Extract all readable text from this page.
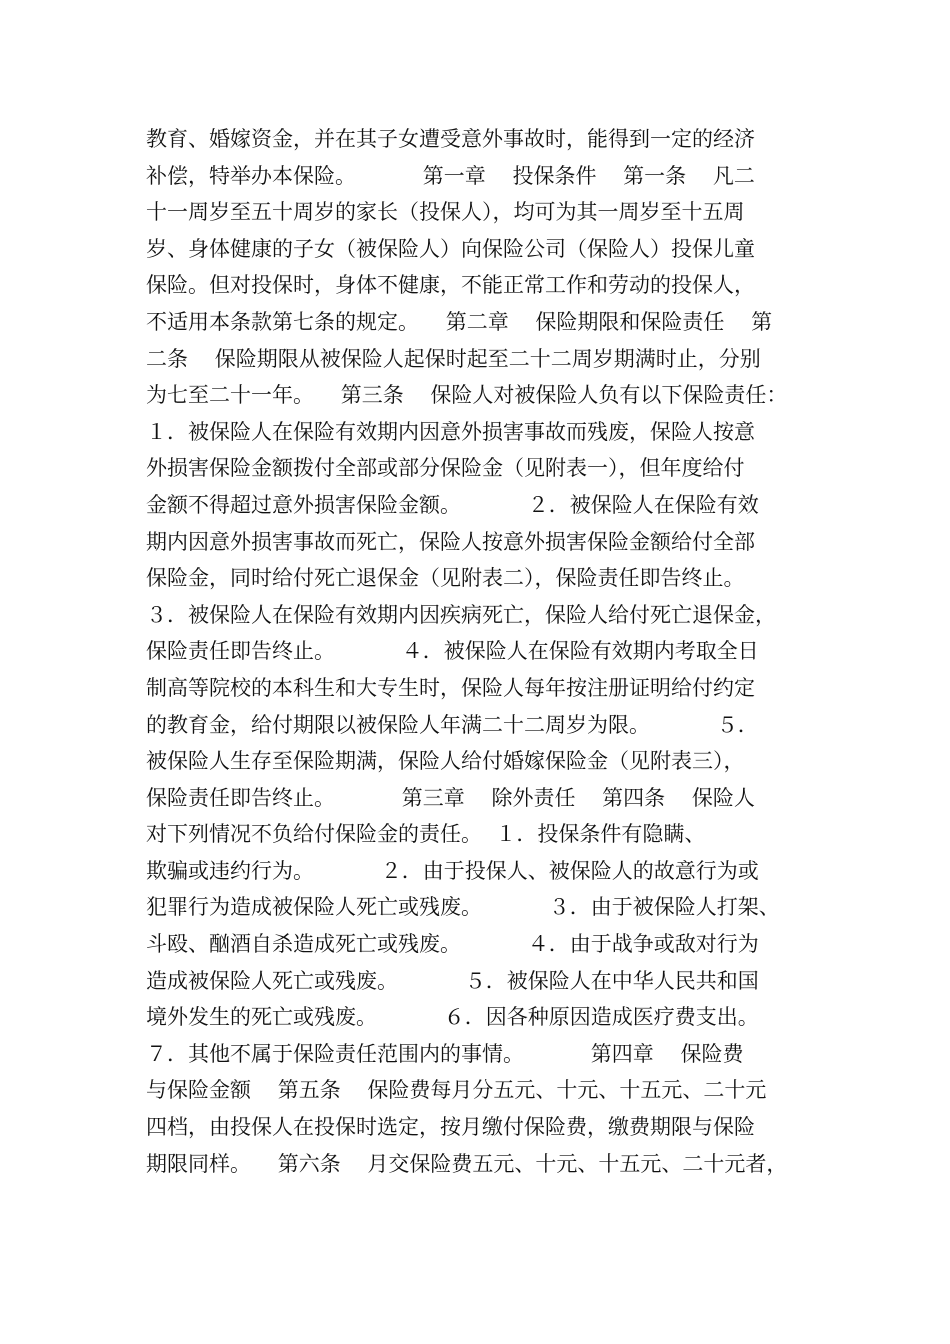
教育、婚嫁资金，并在其子女遭受意外事故时，能得到一定的经济
补偿，特举办本保险。          第一章    投保条件    第一条    凡二
十一周岁至五十周岁的家长（投保人），均可为其一周岁至十五周
岁、身体健康的子女（被保险人）向保险公司（保险人）投保儿童
保险。但对投保时，身体不健康，不能正常工作和劳动的投保人，
不适用本条款第七条的规定。    第二章    保险期限和保险责任    第
二条    保险期限从被保险人起保时起至二十二周岁期满时止，分别
为七至二十一年。    第三条    保险人对被保险人负有以下保险责任：
１．被保险人在保险有效期内因意外损害事故而残废，保险人按意
外损害保险金额拨付全部或部分保险金（见附表一），但年度给付
金额不得超过意外损害保险金额。          ２．被保险人在保险有效
期内因意外损害事故而死亡，保险人按意外损害保险金额给付全部
保险金，同时给付死亡退保金（见附表二），保险责任即告终止。
３．被保险人在保险有效期内因疾病死亡，保险人给付死亡退保金，
保险责任即告终止。          ４．被保险人在保险有效期内考取全日
制高等院校的本科生和大专生时，保险人每年按注册证明给付约定
的教育金，给付期限以被保险人年满二十二周岁为限。          ５．
被保险人生存至保险期满，保险人给付婚嫁保险金（见附表三），
保险责任即告终止。          第三章    除外责任    第四条    保险人
对下列情况不负给付保险金的责任。  １．投保条件有隐瞒、
欺骗或违约行为。          ２．由于投保人、被保险人的故意行为或
犯罪行为造成被保险人死亡或残废。          ３．由于被保险人打架、
斗殴、酗酒自杀造成死亡或残废。          ４．由于战争或敌对行为
造成被保险人死亡或残废。          ５．被保险人在中华人民共和国
境外发生的死亡或残废。          ６．因各种原因造成医疗费支出。
７．其他不属于保险责任范围内的事情。          第四章    保险费
与保险金额    第五条    保险费每月分五元、十元、十五元、二十元
四档，由投保人在投保时选定，按月缴付保险费，缴费期限与保险
期限同样。    第六条    月交保险费五元、十元、十五元、二十元者，
